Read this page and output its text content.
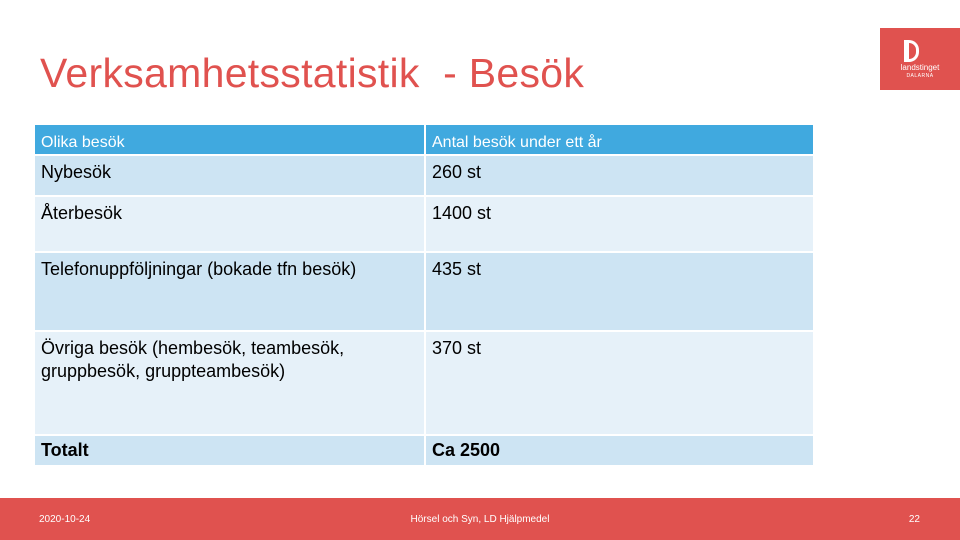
Verksamhetsstatistik  - Besök	landstinget
DALARNA
Olika besök	Antal besök under ett år
Nybesök	260 st
Återbesök	1400 st
Telefonuppföljningar (bokade tfn besök)	435 st
Övriga besök (hembesök, teambesök, gruppbesök, gruppteambesök)	370 st
Totalt	Ca 2500
2020-10-24	Hörsel och Syn, LD Hjälpmedel	22
